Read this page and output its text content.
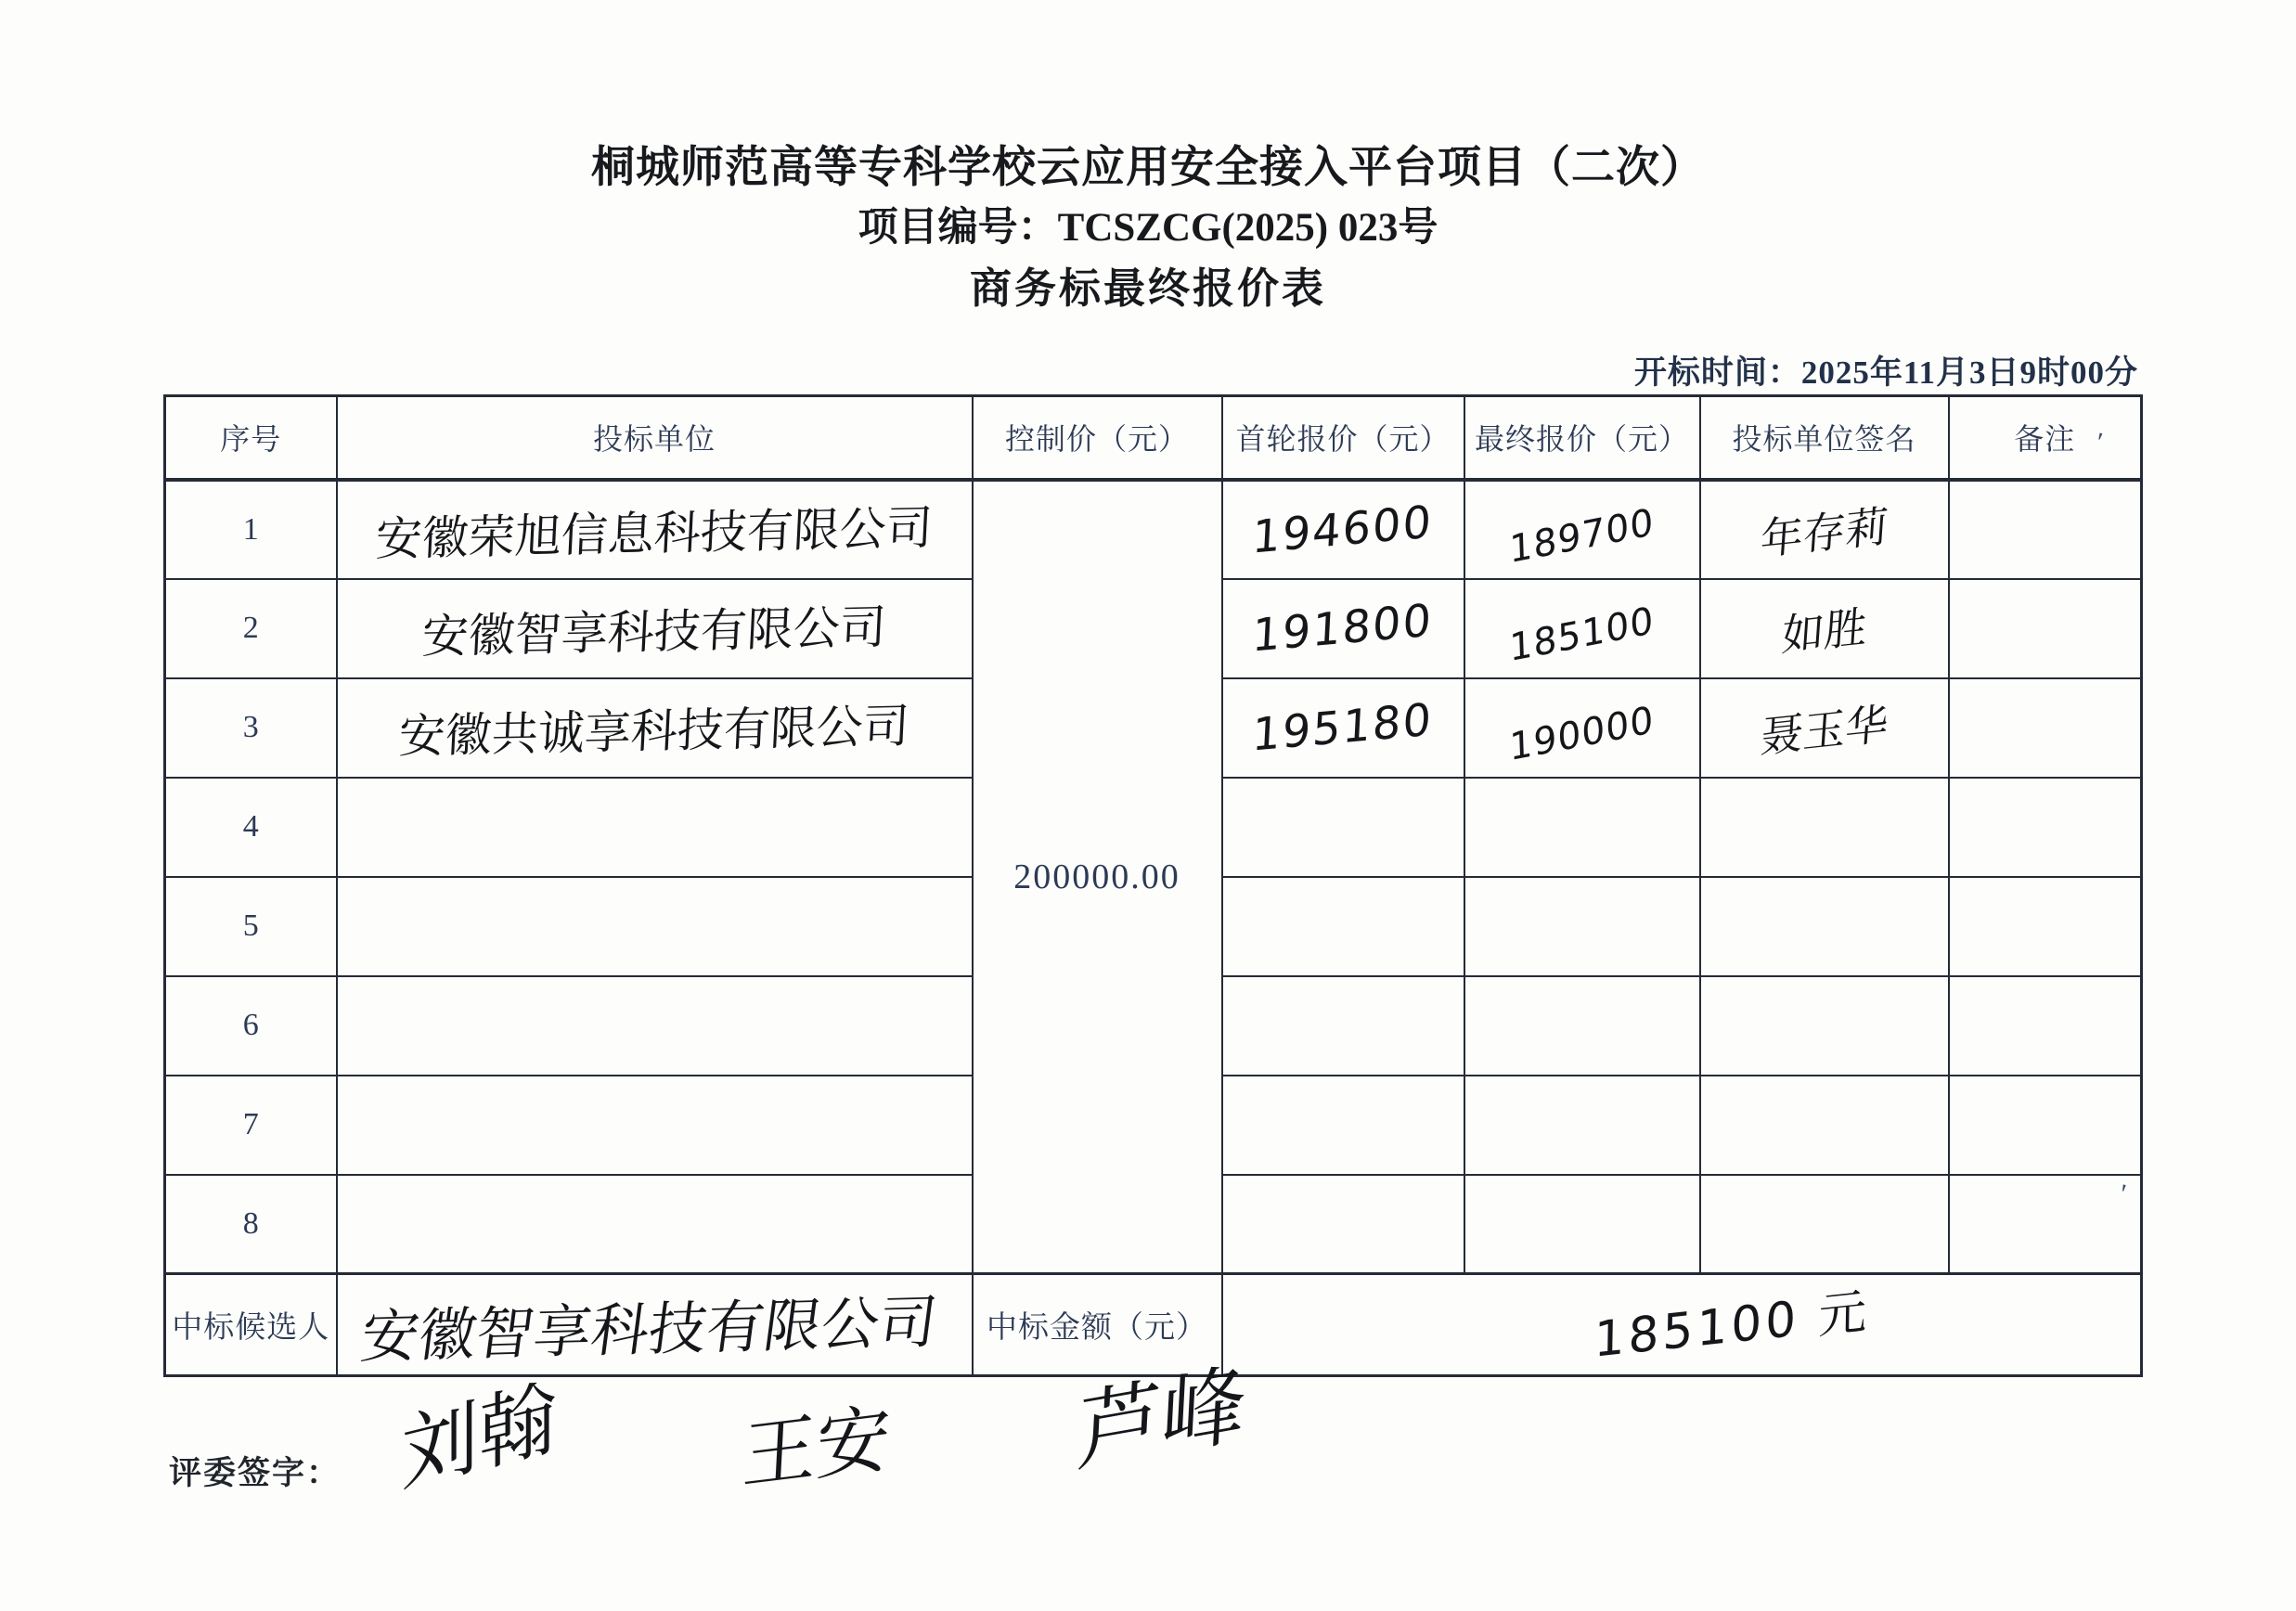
桐城师范高等专科学校云应用安全接入平台项目（二次）
项目编号：TCSZCG(2025) 023号
商务标最终报价表
开标时间：2025年11月3日9时00分
序号	投标单位	控制价（元）	首轮报价（元）	最终报价（元）	投标单位签名	备注
1	安徽荣旭信息科技有限公司	200000.00	194600	189700	年存莉	
2	安徽智享科技有限公司		191800	185100	如胜	
3	安徽共诚享科技有限公司		195180	190000	聂玉华	
4						
5						
6						
7						
8						
中标候选人	安徽智享科技有限公司	中标金额（元）	185100 元			
评委签字： 刘翰 王安 芦峰
'
'
